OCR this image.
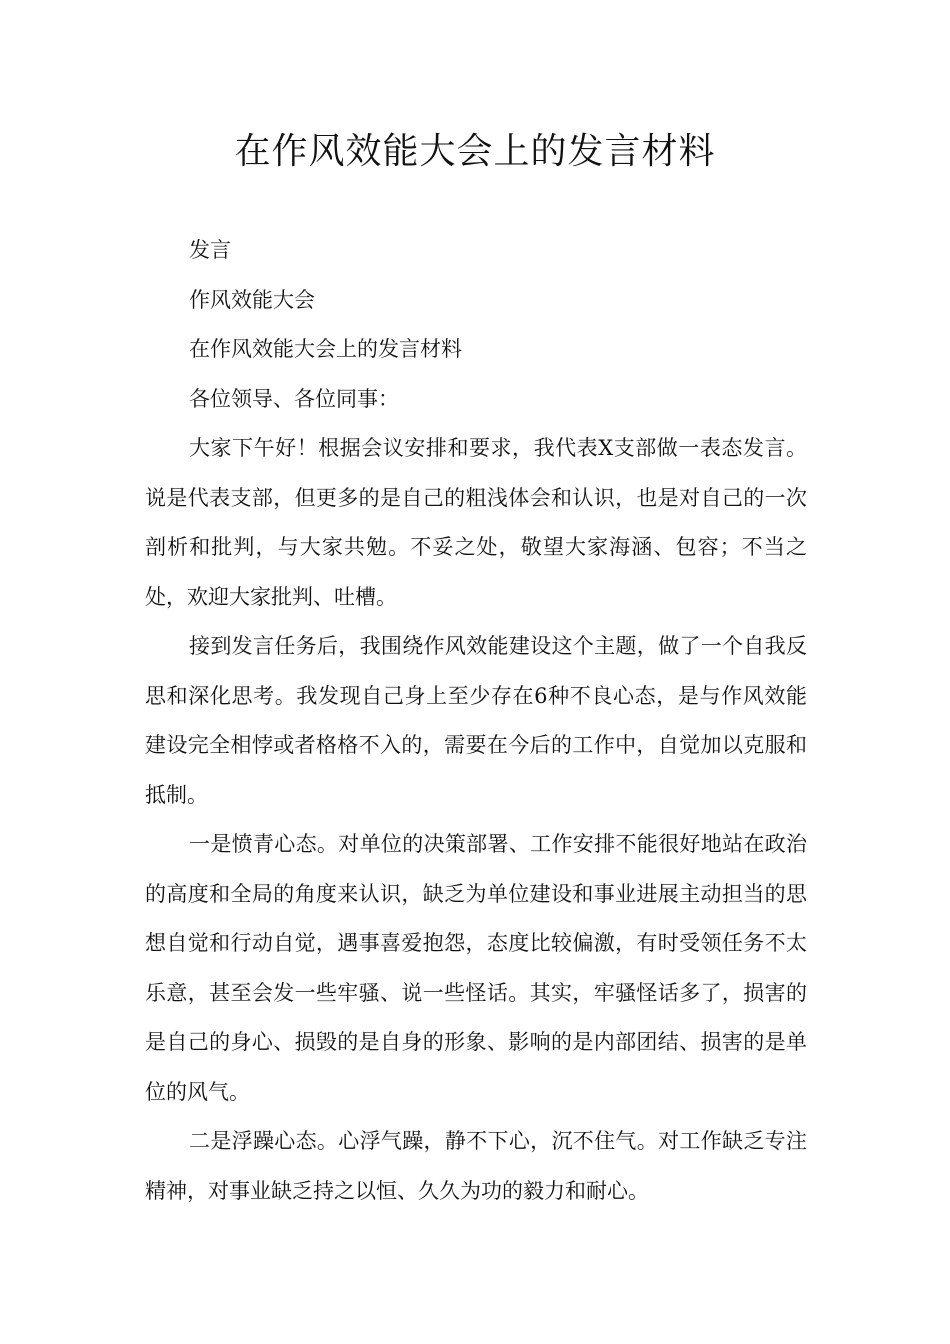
在作风效能大会上的发言材料

发言

作风效能大会

在作风效能大会上的发言材料

各位领导、各位同事：

大家下午好！根据会议安排和要求，我代表X支部做一表态发言。说是代表支部，但更多的是自己的粗浅体会和认识，也是对自己的一次剖析和批判，与大家共勉。不妥之处，敬望大家海涵、包容；不当之处，欢迎大家批判、吐槽。

接到发言任务后，我围绕作风效能建设这个主题，做了一个自我反思和深化思考。我发现自己身上至少存在6种不良心态，是与作风效能建设完全相悖或者格格不入的，需要在今后的工作中，自觉加以克服和抵制。

一是愤青心态。对单位的决策部署、工作安排不能很好地站在政治的高度和全局的角度来认识，缺乏为单位建设和事业进展主动担当的思想自觉和行动自觉，遇事喜爱抱怨，态度比较偏激，有时受领任务不太乐意，甚至会发一些牢骚、说一些怪话。其实，牢骚怪话多了，损害的是自己的身心、损毁的是自身的形象、影响的是内部团结、损害的是单位的风气。

二是浮躁心态。心浮气躁，静不下心，沉不住气。对工作缺乏专注精神，对事业缺乏持之以恒、久久为功的毅力和耐心。
